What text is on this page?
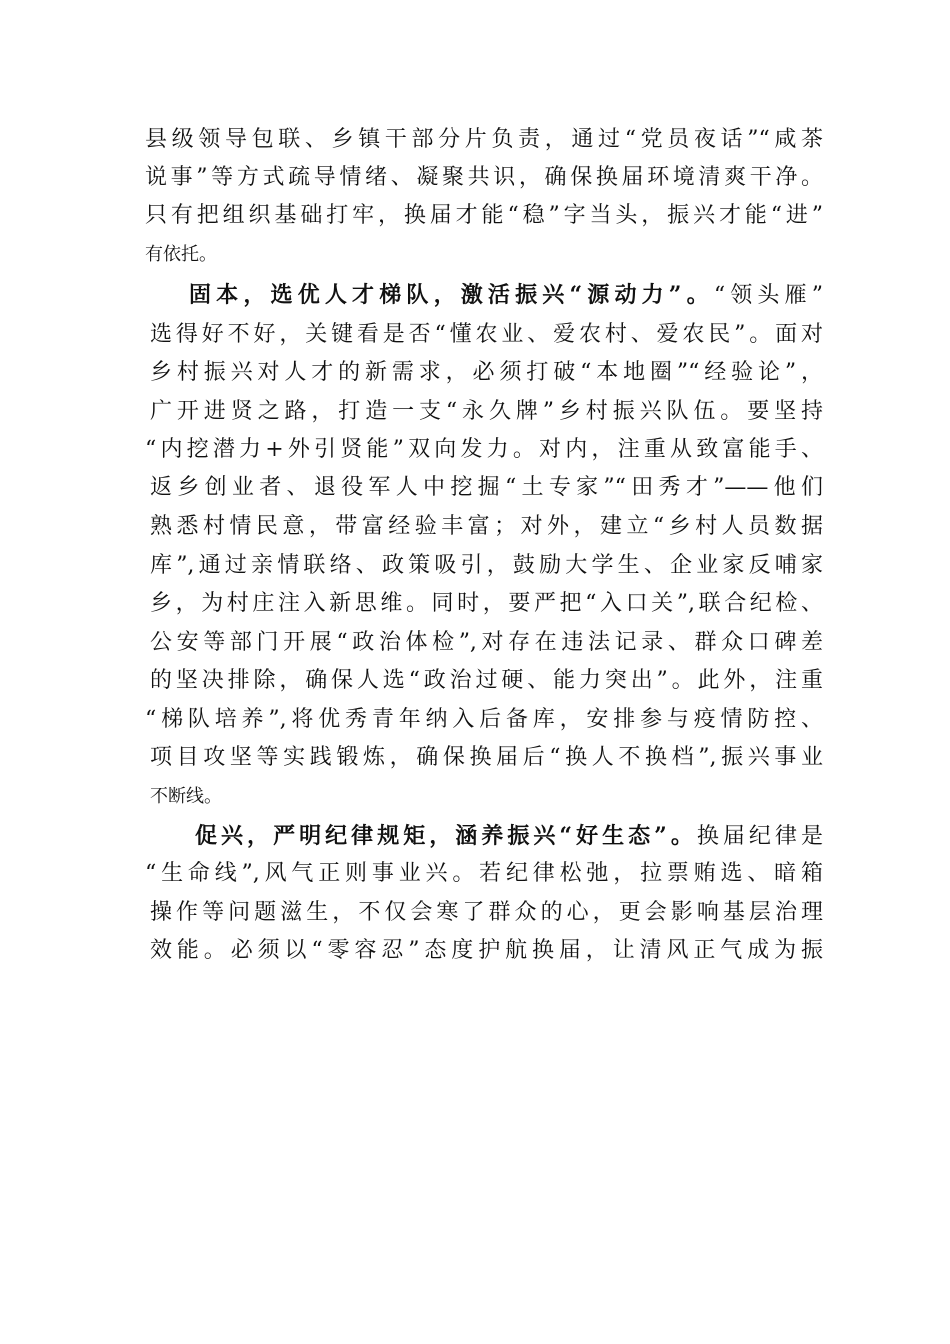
县级领导包联、乡镇干部分片负责，通过“党员夜话”“咸茶
说事”等方式疏导情绪、凝聚共识，确保换届环境清爽干净。
只有把组织基础打牢，换届才能“稳”字当头，振兴才能“进”
有依托。
固本，选优人才梯队，激活振兴“源动力”。“领头雁”
选得好不好，关键看是否“懂农业、爱农村、爱农民”。面对
乡村振兴对人才的新需求，必须打破“本地圈”“经验论”，
广开进贤之路，打造一支“永久牌”乡村振兴队伍。要坚持
“内挖潜力+外引贤能”双向发力。对内，注重从致富能手、
返乡创业者、退役军人中挖掘“土专家”“田秀才”——他们
熟悉村情民意，带富经验丰富；对外，建立“乡村人员数据
库”,通过亲情联络、政策吸引，鼓励大学生、企业家反哺家
乡，为村庄注入新思维。同时，要严把“入口关”,联合纪检、
公安等部门开展“政治体检”,对存在违法记录、群众口碑差
的坚决排除，确保人选“政治过硬、能力突出”。此外，注重
“梯队培养”,将优秀青年纳入后备库，安排参与疫情防控、
项目攻坚等实践锻炼，确保换届后“换人不换档”,振兴事业
不断线。
促兴，严明纪律规矩，涵养振兴“好生态”。换届纪律是
“生命线”,风气正则事业兴。若纪律松弛，拉票贿选、暗箱
操作等问题滋生，不仅会寒了群众的心，更会影响基层治理
效能。必须以“零容忍”态度护航换届，让清风正气成为振
